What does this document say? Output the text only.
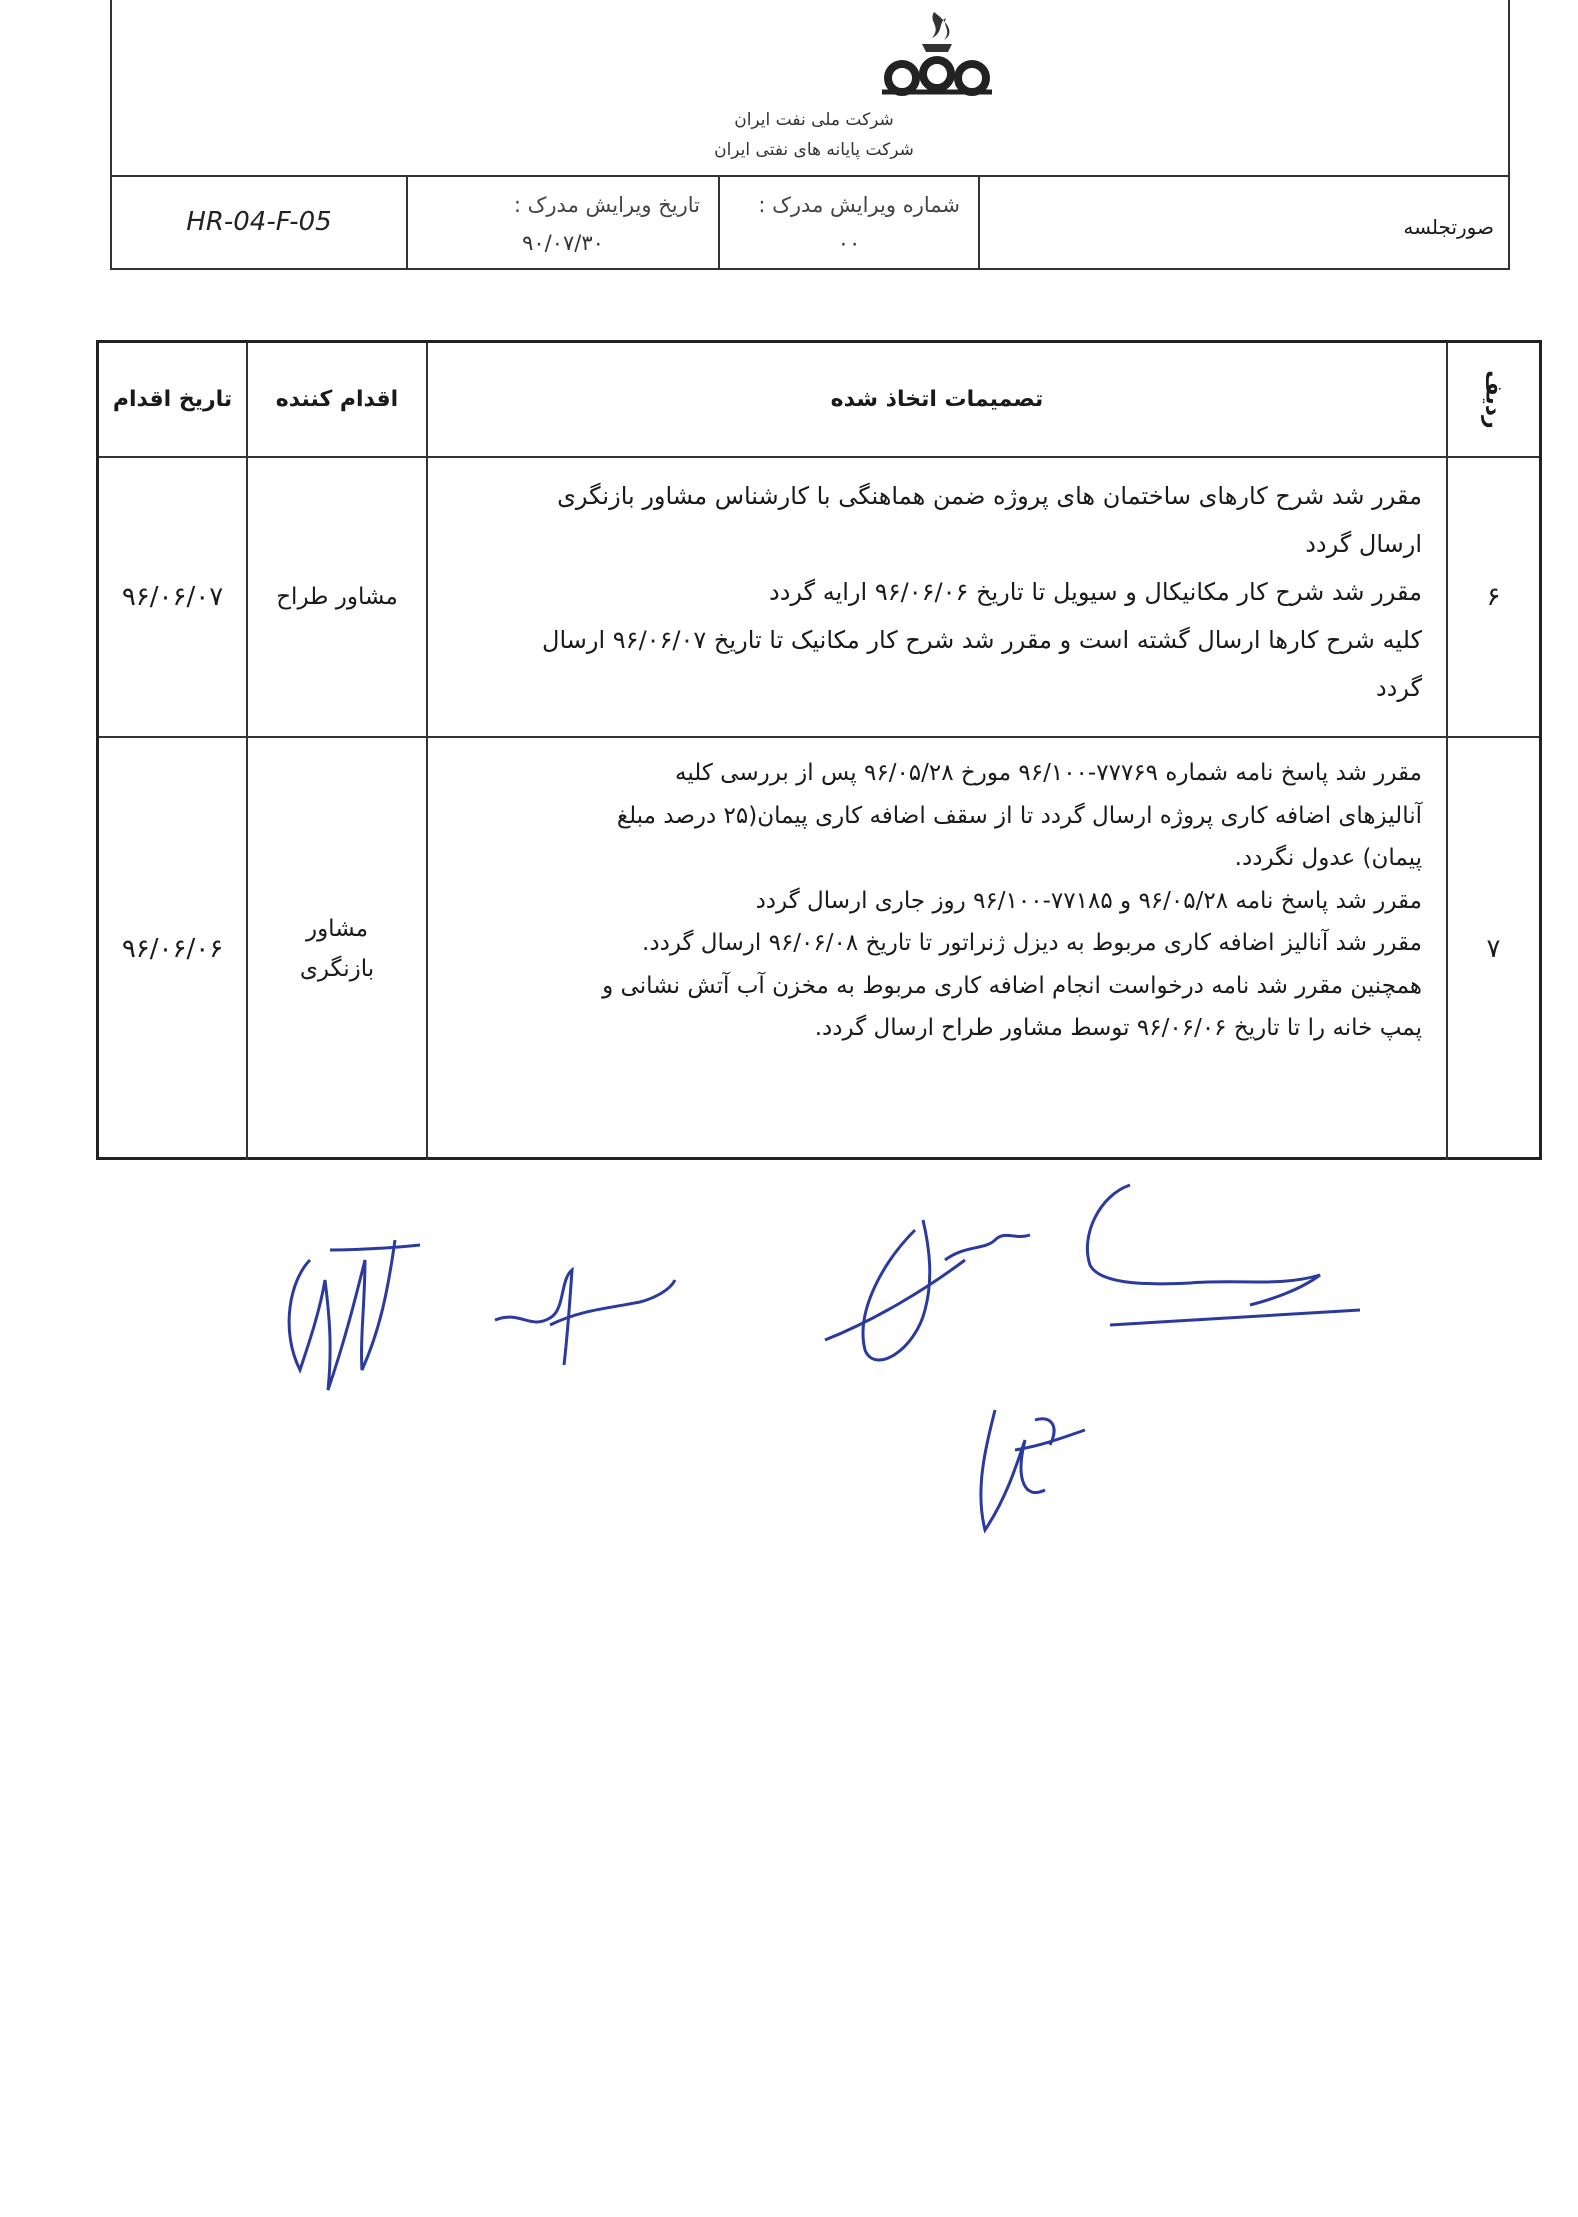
شرکت ملی نفت ایران
شرکت پایانه های نفتی ایران
صورتجلسه
شماره ویرایش مدرک :
۰۰
تاریخ ویرایش مدرک :
۹۰/۰۷/۳۰
HR-04-F-05
ردیف
تصمیمات اتخاذ شده
اقدام کننده
تاریخ اقدام
۶
مقرر شد شرح کارهای ساختمان های پروژه ضمن هماهنگی با کارشناس مشاور بازنگری
ارسال گردد
مقرر شد شرح کار مکانیکال و سیویل تا تاریخ ۹۶/۰۶/۰۶ ارایه گردد
کلیه شرح کارها ارسال گشته است و مقرر شد شرح کار مکانیک تا تاریخ ۹۶/۰۶/۰۷ ارسال
گردد
مشاور طراح
۹۶/۰۶/۰۷
۷
مقرر شد پاسخ نامه شماره ۷۷۷۶۹-۹۶/۱۰۰ مورخ ۹۶/۰۵/۲۸ پس از بررسی کلیه
آنالیزهای اضافه کاری پروژه ارسال گردد تا از سقف اضافه کاری پیمان(۲۵ درصد مبلغ
پیمان) عدول نگردد.
مقرر شد پاسخ نامه ۹۶/۰۵/۲۸ و ۷۷۱۸۵-۹۶/۱۰۰ روز جاری ارسال گردد
مقرر شد آنالیز اضافه کاری مربوط به دیزل ژنراتور تا تاریخ ۹۶/۰۶/۰۸ ارسال گردد.
همچنین مقرر شد نامه درخواست انجام اضافه کاری مربوط به مخزن آب آتش نشانی و
پمپ خانه را تا تاریخ ۹۶/۰۶/۰۶ توسط مشاور طراح ارسال گردد.
مشاور
بازنگری
۹۶/۰۶/۰۶
